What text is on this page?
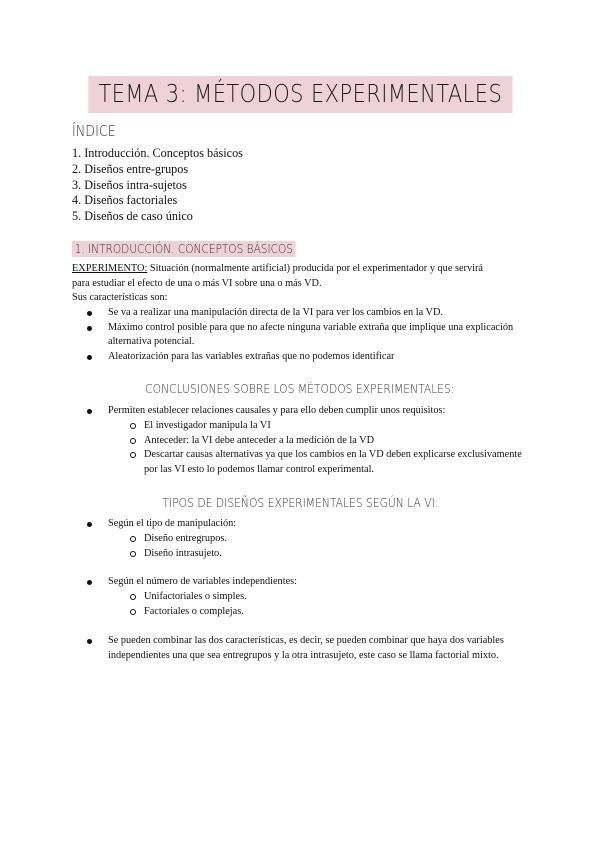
TEMA 3: MÉTODOS EXPERIMENTALES
ÍNDICE
1. Introducción. Conceptos básicos
2. Diseños entre-grupos
3. Diseños intra-sujetos
4. Diseños factoriales
5. Diseños de caso único
1. INTRODUCCIÓN. CONCEPTOS BÁSICOS
EXPERIMENTO: Situación (normalmente artificial) producida por el experimentador y que servirá
para estudiar el efecto de una o más VI sobre una o más VD.
Sus características son:
Se va a realizar una manipulación directa de la VI para ver los cambios en la VD.
Máximo control posible para que no afecte ninguna variable extraña que implique una explicación alternativa potencial.
Aleatorización para las variables extrañas que no podemos identificar
CONCLUSIONES SOBRE LOS MÉTODOS EXPERIMENTALES:
Permiten establecer relaciones causales y para ello deben cumplir unos requisitos:
El investigador manipula la VI
Anteceder: la VI debe anteceder a la medición de la VD
Descartar causas alternativas ya que los cambios en la VD deben explicarse exclusivamente por las VI esto lo podemos llamar control experimental.
TIPOS DE DISEÑOS EXPERIMENTALES SEGÚN LA VI:
Según el tipo de manipulación:
Diseño entregrupos.
Diseño intrasujeto.
Según el número de variables independientes:
Unifactoriales o simples.
Factoriales o complejas.
Se pueden combinar las dos características, es decir, se pueden combinar que haya dos variables independientes una que sea entregrupos y la otra intrasujeto, este caso se llama factorial mixto.
